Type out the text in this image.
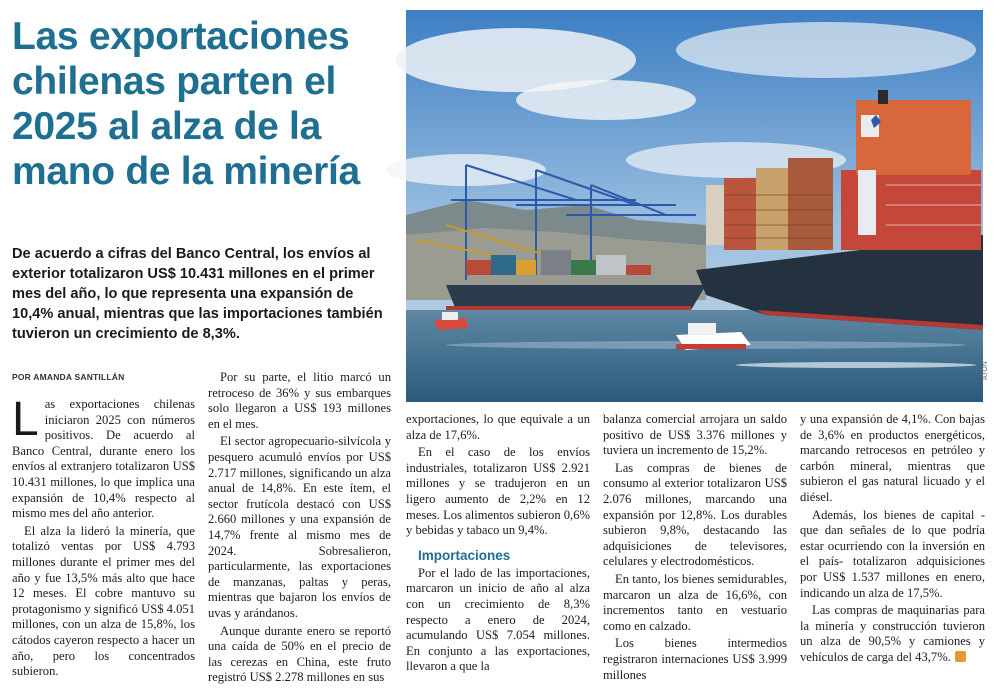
Las exportaciones chilenas parten el 2025 al alza de la mano de la minería

De acuerdo a cifras del Banco Central, los envíos al exterior totalizaron US$ 10.431 millones en el primer mes del año, lo que representa una expansión de 10,4% anual, mientras que las importaciones también tuvieron un crecimiento de 8,3%.

POR AMANDA SANTILLÁN	ATON
L as exportaciones chilenas iniciaron 2025 con números positivos. De acuerdo al Banco Central, durante enero los envíos al extranjero totalizaron US$ 10.431 millones, lo que implica una expansión de 10,4% respecto al mismo mes del año anterior.

El alza la lideró la minería, que totalizó ventas por US$ 4.793 millones durante el primer mes del año y fue 13,5% más alto que hace 12 meses. El cobre mantuvo su protagonismo y significó US$ 4.051 millones, con un alza de 15,8%, los cátodos cayeron respecto a hacer un año, pero los concentrados subieron.

Por su parte, el litio marcó un retroceso de 36% y sus embarques solo llegaron a US$ 193 millones en el mes.

El sector agropecuario-silvícola y pesquero acumuló envíos por US$ 2.717 millones, significando un alza anual de 14,8%. En este ítem, el sector frutícola destacó con US$ 2.660 millones y una expansión de 14,7% frente al mismo mes de 2024. Sobresalieron, particularmente, las exportaciones de manzanas, paltas y peras, mientras que bajaron los envíos de uvas y arándanos.

Aunque durante enero se reportó una caída de 50% en el precio de las cerezas en China, este fruto registró US$ 2.278 millones en sus

exportaciones, lo que equivale a un alza de 17,6%.

En el caso de los envíos industriales, totalizaron US$ 2.921 millones y se tradujeron en un ligero aumento de 2,2% en 12 meses. Los alimentos subieron 0,6% y bebidas y tabaco un 9,4%.

Importaciones

Por el lado de las importaciones, marcaron un inicio de año al alza con un crecimiento de 8,3% respecto a enero de 2024, acumulando US$ 7.054 millones. En conjunto a las exportaciones, llevaron a que la

balanza comercial arrojara un saldo positivo de US$ 3.376 millones y tuviera un incremento de 15,2%.

Las compras de bienes de consumo al exterior totalizaron US$ 2.076 millones, marcando una expansión por 12,8%. Los durables subieron 9,8%, destacando las adquisiciones de televisores, celulares y electrodomésticos.

En tanto, los bienes semidurables, marcaron un alza de 16,6%, con incrementos tanto en vestuario como en calzado.

Los bienes intermedios registraron internaciones US$ 3.999 millones

y una expansión de 4,1%. Con bajas de 3,6% en productos energéticos, marcando retrocesos en petróleo y carbón mineral, mientras que subieron el gas natural licuado y el diésel.

Además, los bienes de capital -que dan señales de lo que podría estar ocurriendo con la inversión en el país- totalizaron adquisiciones por US$ 1.537 millones en enero, indicando un alza de 17,5%.

Las compras de maquinarias para la minería y construcción tuvieron un alza de 90,5% y camiones y vehículos de carga del 43,7%.
